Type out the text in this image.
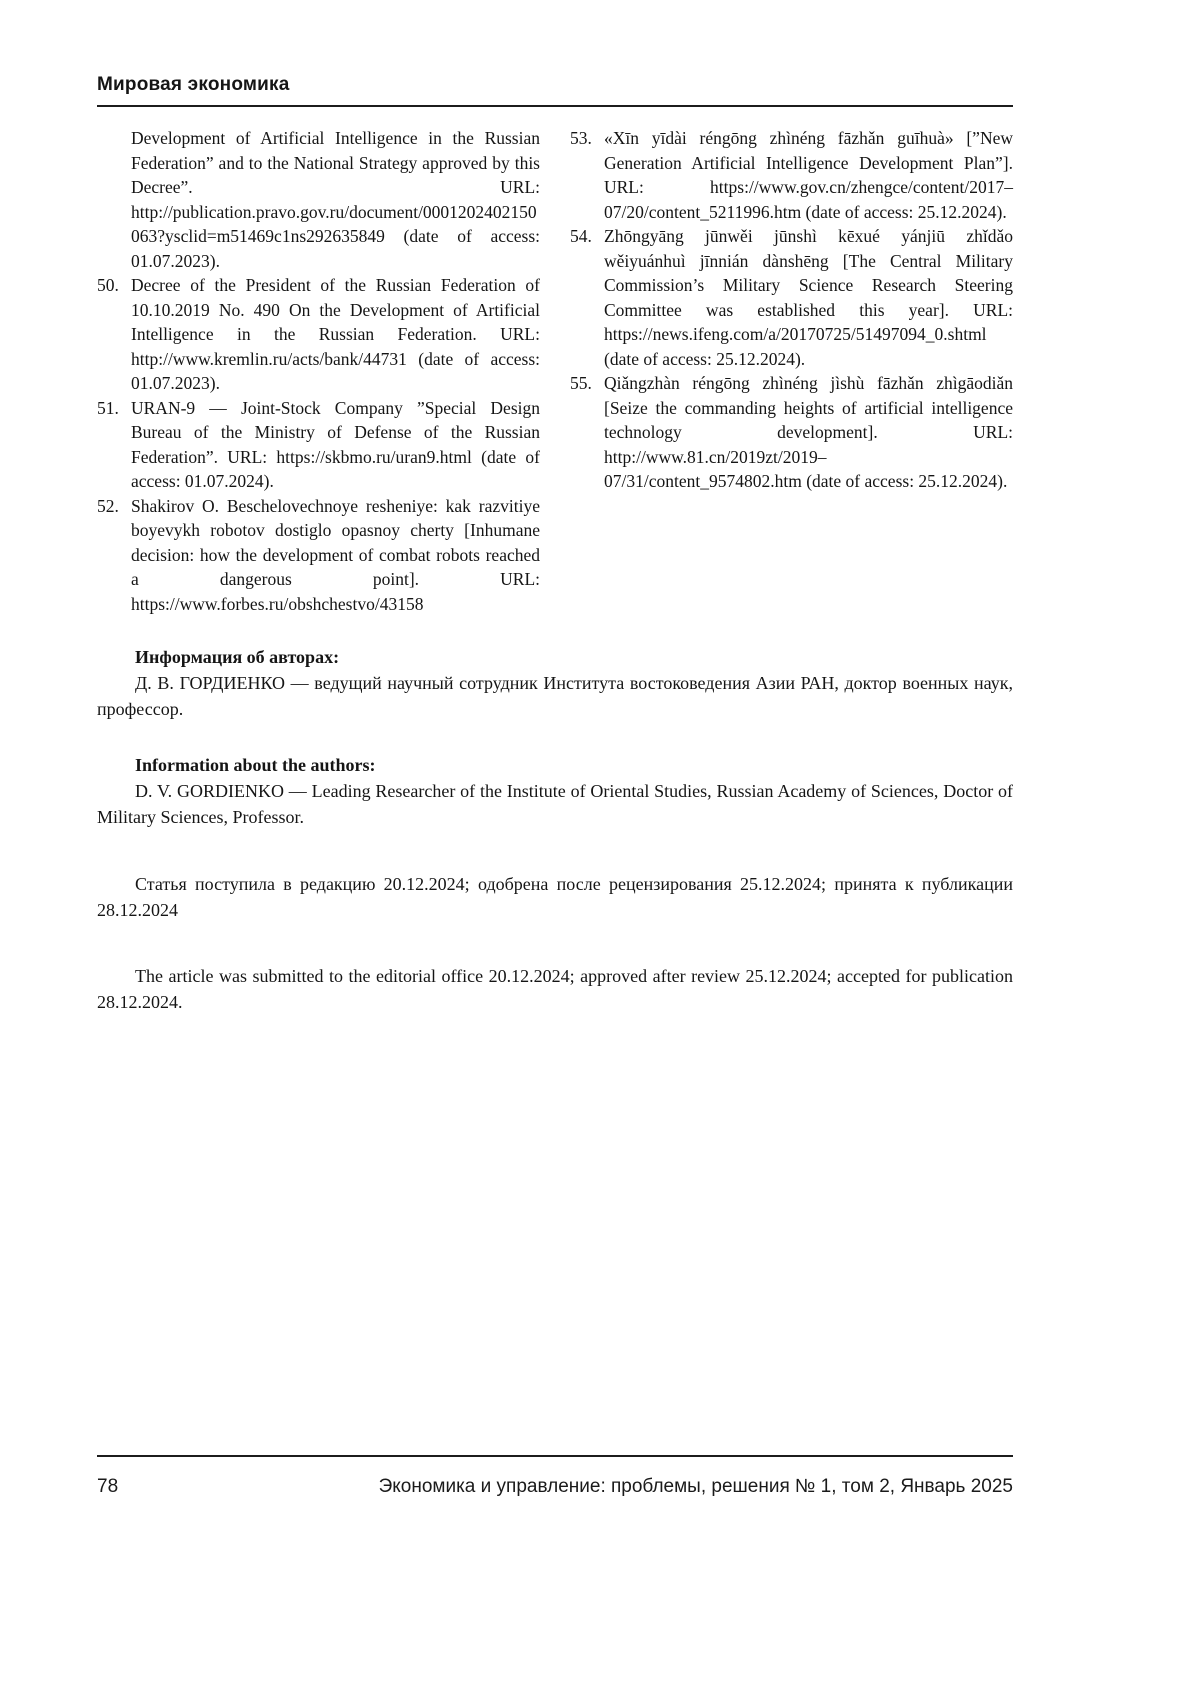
Мировая экономика
Development of Artificial Intelligence in the Russian Federation” and to the National Strategy approved by this Decree”. URL: http://publication.pravo.gov.ru/document/0001202402150063?ysclid=m51469c1ns292635849 (date of access: 01.07.2023).
50. Decree of the President of the Russian Federation of 10.10.2019 No. 490 On the Development of Artificial Intelligence in the Russian Federation. URL: http://www.kremlin.ru/acts/bank/44731 (date of access: 01.07.2023).
51. URAN-9 — Joint-Stock Company ”Special Design Bureau of the Ministry of Defense of the Russian Federation”. URL: https://skbmo.ru/uran9.html (date of access: 01.07.2024).
52. Shakirov O. Beschelovechnoye resheniye: kak razvitiye boyevykh robotov dostiglo opasnoy cherty [Inhumane decision: how the development of combat robots reached a dangerous point]. URL: https://www.forbes.ru/obshchestvo/43158
53. «Xīn yīdài réngōng zhìnéng fāzhǎn guīhuà» [”New Generation Artificial Intelligence Development Plan”]. URL: https://www.gov.cn/zhengce/content/2017–07/20/content_5211996.htm (date of access: 25.12.2024).
54. Zhōngyāng jūnwěi jūnshì kēxué yánjiū zhǐdǎo wěiyuánhuì jīnnián dànshēng [The Central Military Commission’s Military Science Research Steering Committee was established this year]. URL: https://news.ifeng.com/a/20170725/51497094_0.shtml (date of access: 25.12.2024).
55. Qiǎngzhàn réngōng zhìnéng jìshù fāzhǎn zhìgāodiǎn [Seize the commanding heights of artificial intelligence technology development]. URL: http://www.81.cn/2019zt/2019–07/31/content_9574802.htm (date of access: 25.12.2024).
Информация об авторах:
Д. В. ГОРДИЕНКО — ведущий научный сотрудник Института востоковедения Азии РАН, доктор военных наук, профессор.
Information about the authors:
D. V. GORDIENKO — Leading Researcher of the Institute of Oriental Studies, Russian Academy of Sciences, Doctor of Military Sciences, Professor.
Статья поступила в редакцию 20.12.2024; одобрена после рецензирования 25.12.2024; принята к публикации 28.12.2024
The article was submitted to the editorial office 20.12.2024; approved after review 25.12.2024; accepted for publication 28.12.2024.
78	Экономика и управление: проблемы, решения № 1, том 2, Январь 2025
